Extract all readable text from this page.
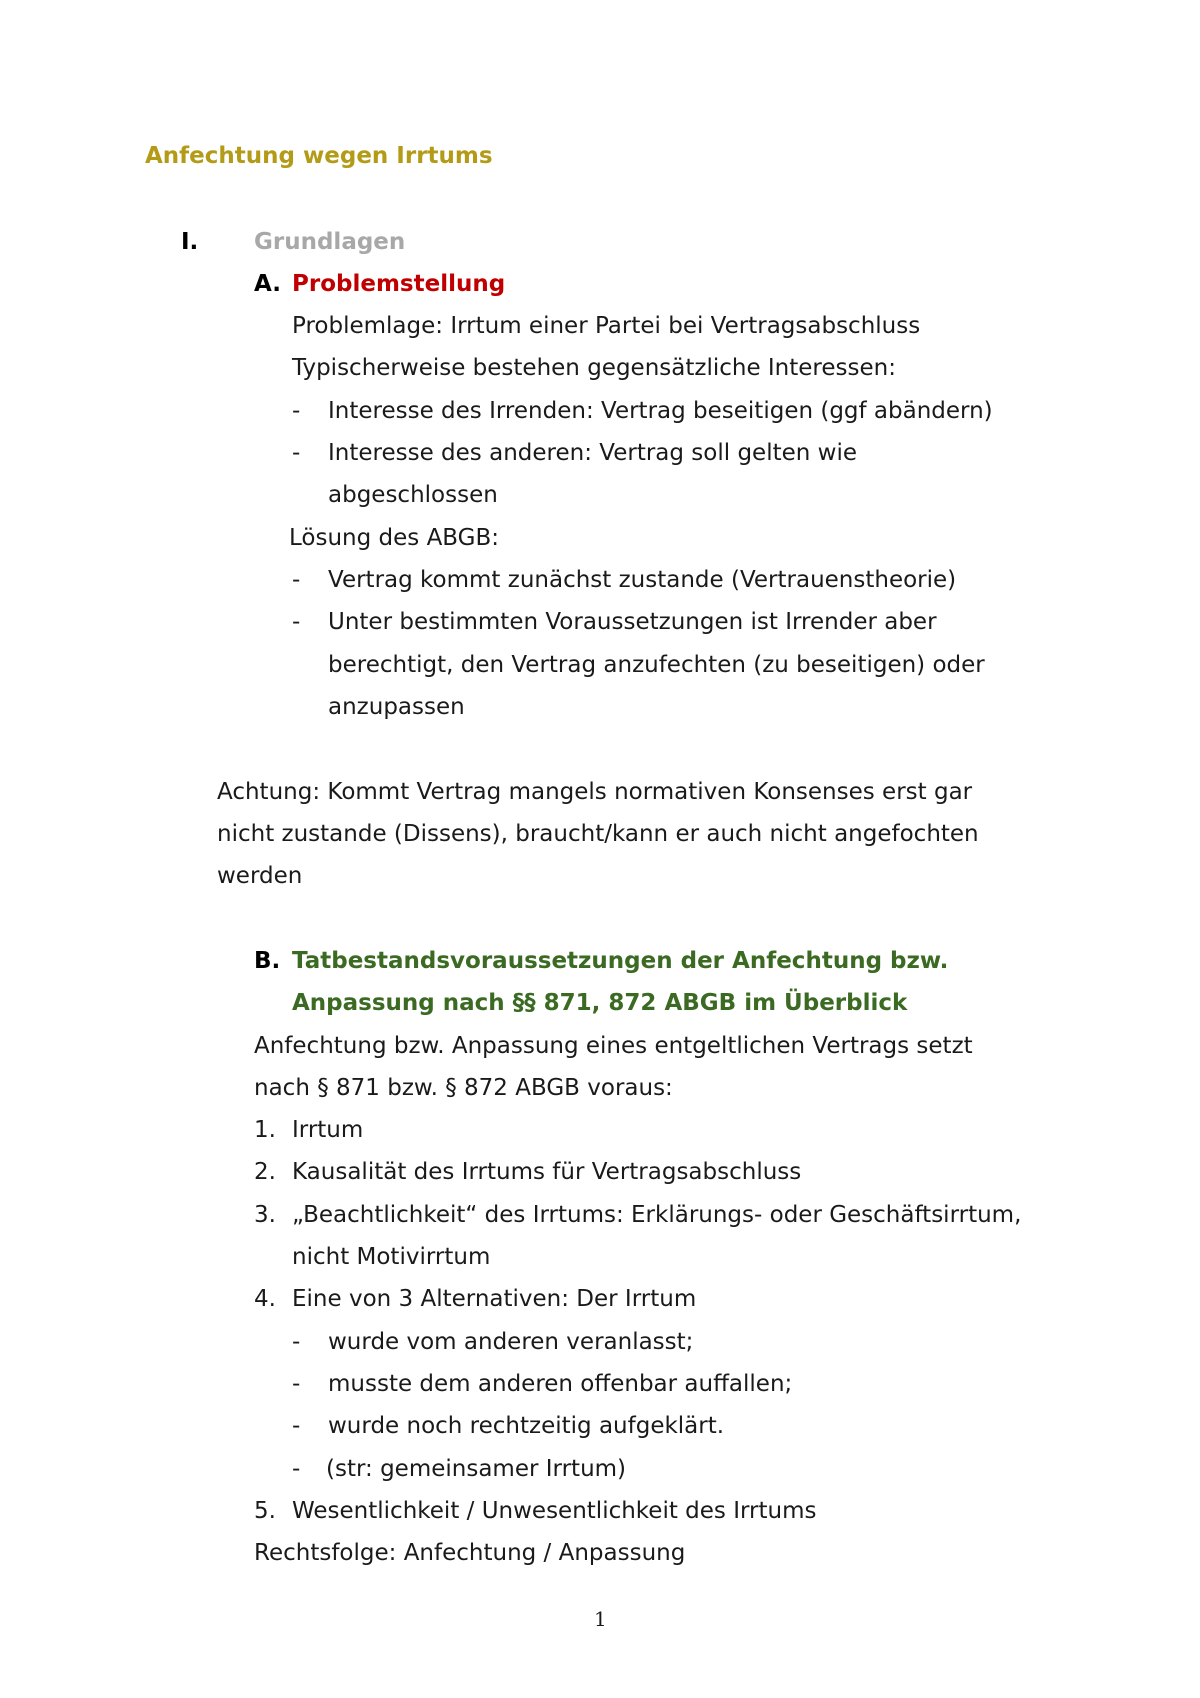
Anfechtung wegen Irrtums

I. Grundlagen

A. Problemstellung

Problemlage: Irrtum einer Partei bei Vertragsabschluss

Typischerweise bestehen gegensätzliche Interessen:

- Interesse des Irrenden: Vertrag beseitigen (ggf abändern)

- Interesse des anderen: Vertrag soll gelten wie

abgeschlossen

Lösung des ABGB:

- Vertrag kommt zunächst zustande (Vertrauenstheorie)

- Unter bestimmten Voraussetzungen ist Irrender aber

berechtigt, den Vertrag anzufechten (zu beseitigen) oder

anzupassen

Achtung: Kommt Vertrag mangels normativen Konsenses erst gar

nicht zustande (Dissens), braucht/kann er auch nicht angefochten

werden

B. Tatbestandsvoraussetzungen der Anfechtung bzw.

Anpassung nach §§ 871, 872 ABGB im Überblick

Anfechtung bzw. Anpassung eines entgeltlichen Vertrags setzt

nach § 871 bzw. § 872 ABGB voraus:

1. Irrtum

2. Kausalität des Irrtums für Vertragsabschluss

3. „Beachtlichkeit“ des Irrtums: Erklärungs- oder Geschäftsirrtum,

nicht Motivirrtum

4. Eine von 3 Alternativen: Der Irrtum

- wurde vom anderen veranlasst;

- musste dem anderen offenbar auffallen;

- wurde noch rechtzeitig aufgeklärt.

- (str: gemeinsamer Irrtum)

5. Wesentlichkeit / Unwesentlichkeit des Irrtums

Rechtsfolge: Anfechtung / Anpassung

1
